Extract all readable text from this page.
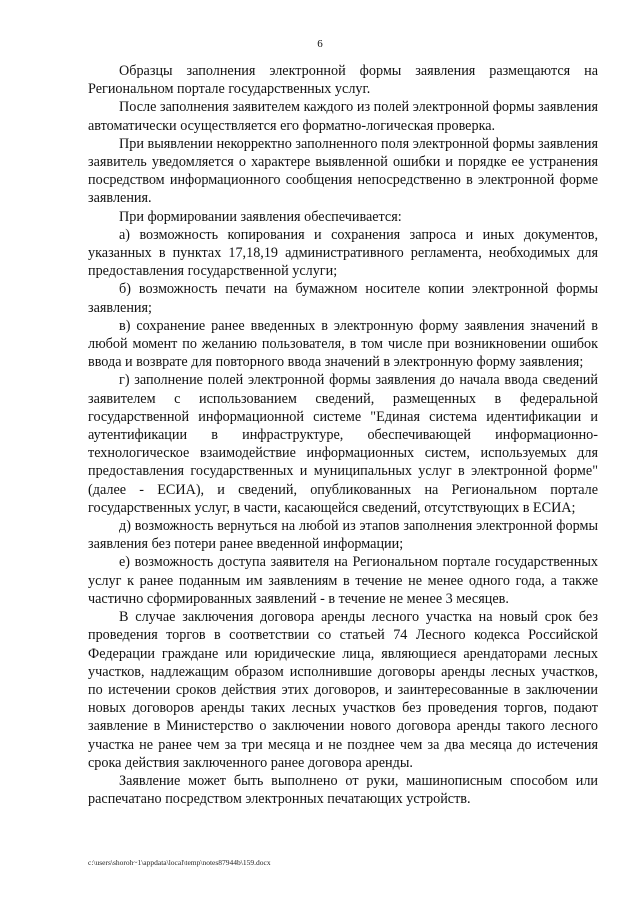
6

Образцы заполнения электронной формы заявления размещаются на Региональном портале государственных услуг.

После заполнения заявителем каждого из полей электронной формы заявления автоматически осуществляется его форматно-логическая проверка.

При выявлении некорректно заполненного поля электронной формы заявления заявитель уведомляется о характере выявленной ошибки и порядке ее устранения посредством информационного сообщения непосредственно в электронной форме заявления.

При формировании заявления обеспечивается:

а) возможность копирования и сохранения запроса и иных документов, указанных в пунктах 17,18,19 административного регламента, необходимых для предоставления государственной услуги;

б) возможность печати на бумажном носителе копии электронной формы заявления;

в) сохранение ранее введенных в электронную форму заявления значений в любой момент по желанию пользователя, в том числе при возникновении ошибок ввода и возврате для повторного ввода значений в электронную форму заявления;

г) заполнение полей электронной формы заявления до начала ввода сведений заявителем с использованием сведений, размещенных в федеральной государственной информационной системе "Единая система идентификации и аутентификации в инфраструктуре, обеспечивающей информационно-технологическое взаимодействие информационных систем, используемых для предоставления государственных и муниципальных услуг в электронной форме" (далее - ЕСИА), и сведений, опубликованных на Региональном портале государственных услуг, в части, касающейся сведений, отсутствующих в ЕСИА;

д) возможность вернуться на любой из этапов заполнения электронной формы заявления без потери ранее введенной информации;

е) возможность доступа заявителя на Региональном портале государственных услуг к ранее поданным им заявлениям в течение не менее одного года, а также частично сформированных заявлений - в течение не менее 3 месяцев.

В случае заключения договора аренды лесного участка на новый срок без проведения торгов в соответствии со статьей 74 Лесного кодекса Российской Федерации граждане или юридические лица, являющиеся арендаторами лесных участков, надлежащим образом исполнившие договоры аренды лесных участков, по истечении сроков действия этих договоров, и заинтересованные в заключении новых договоров аренды таких лесных участков без проведения торгов, подают заявление в Министерство о заключении нового договора аренды такого лесного участка не ранее чем за три месяца и не позднее чем за два месяца до истечения срока действия заключенного ранее договора аренды.

Заявление может быть выполнено от руки, машинописным способом или распечатано посредством электронных печатающих устройств.

c:\users\shoroh~1\appdata\local\temp\notes87944b\159.docx
